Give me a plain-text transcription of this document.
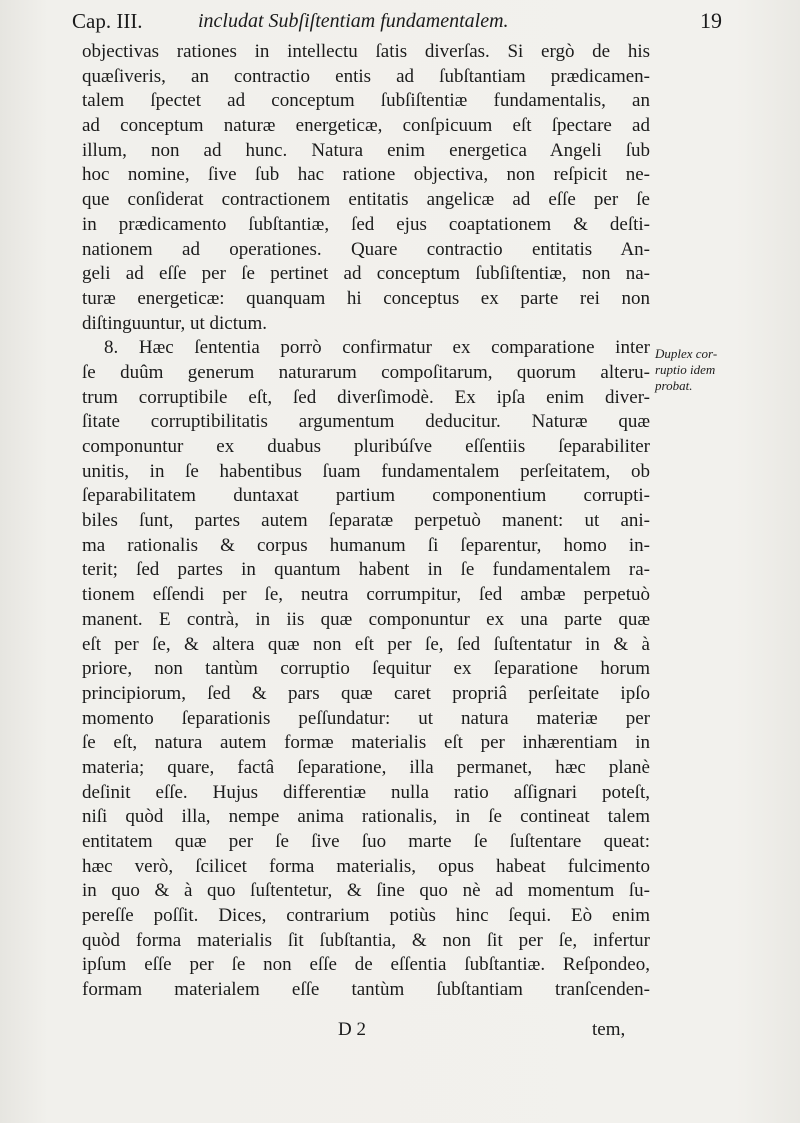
Cap. III.	includat Subſiſtentiam fundamentalem.	19
objectivas rationes in intellectu ſatis diverſas. Si ergò de his
quæſiveris, an contractio entis ad ſubſtantiam prædicamen-
talem ſpectet ad conceptum ſubſiſtentiæ fundamentalis, an
ad conceptum naturæ energeticæ, conſpicuum eſt ſpectare ad
illum, non ad hunc. Natura enim energetica Angeli ſub
hoc nomine, ſive ſub hac ratione objectiva, non reſpicit ne-
que conſiderat contractionem entitatis angelicæ ad eſſe per ſe
in prædicamento ſubſtantiæ, ſed ejus coaptationem & deſti-
nationem ad operationes. Quare contractio entitatis An-
geli ad eſſe per ſe pertinet ad conceptum ſubſiſtentiæ, non na-
turæ energeticæ: quanquam hi conceptus ex parte rei non
diſtinguuntur, ut dictum.
8. Hæc ſententia porrò confirmatur ex comparatione inter
ſe duûm generum naturarum compoſitarum, quorum alteru-
trum corruptibile eſt, ſed diverſimodè. Ex ipſa enim diver-
ſitate corruptibilitatis argumentum deducitur. Naturæ quæ
componuntur ex duabus pluribúſve eſſentiis ſeparabiliter
unitis, in ſe habentibus ſuam fundamentalem perſeitatem, ob
ſeparabilitatem duntaxat partium componentium corrupti-
biles ſunt, partes autem ſeparatæ perpetuò manent: ut ani-
ma rationalis & corpus humanum ſi ſeparentur, homo in-
terit; ſed partes in quantum habent in ſe fundamentalem ra-
tionem eſſendi per ſe, neutra corrumpitur, ſed ambæ perpetuò
manent. E contrà, in iis quæ componuntur ex una parte quæ
eſt per ſe, & altera quæ non eſt per ſe, ſed ſuſtentatur in & à
priore, non tantùm corruptio ſequitur ex ſeparatione horum
principiorum, ſed & pars quæ caret propriâ perſeitate ipſo
momento ſeparationis peſſundatur: ut natura materiæ per
ſe eſt, natura autem formæ materialis eſt per inhærentiam in
materia; quare, factâ ſeparatione, illa permanet, hæc planè
deſinit eſſe. Hujus differentiæ nulla ratio aſſignari poteſt,
niſi quòd illa, nempe anima rationalis, in ſe contineat talem
entitatem quæ per ſe ſive ſuo marte ſe ſuſtentare queat:
hæc verò, ſcilicet forma materialis, opus habeat fulcimento
in quo & à quo ſuſtentetur, & ſine quo nè ad momentum ſu-
pereſſe poſſit. Dices, contrarium potiùs hinc ſequi. Eò enim
quòd forma materialis ſit ſubſtantia, & non ſit per ſe, infertur
ipſum eſſe per ſe non eſſe de eſſentia ſubſtantiæ. Reſpondeo,
formam materialem eſſe tantùm ſubſtantiam tranſcenden-
Duplex cor-
ruptio idem
probat.
D 2	tem,
